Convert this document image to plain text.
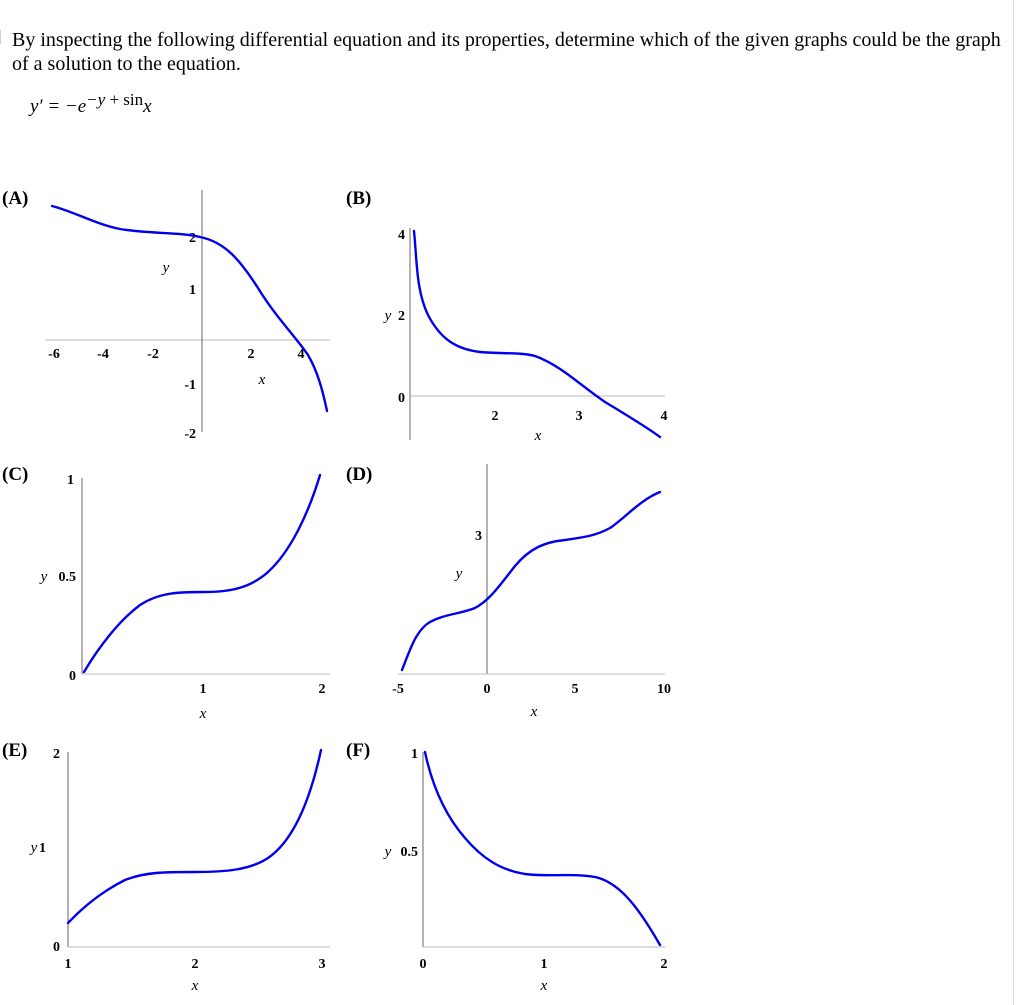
By inspecting the following differential equation and its properties, determine which of the given graphs could be the graph of a solution to the equation.
y′ = −e−y + sinx
(A)
-6	-4	-2	2	4
2
1
-1
-2
y
x
(B)
4
2
0
y
2	3	4
x
(C)	1
0.5
0
y
1	2
x
(D)
3
y
-5	0	5	10
x
(E) 2
0
1
y
1	2	3
x
(F)	1
0.5
y
0	1	2
x
